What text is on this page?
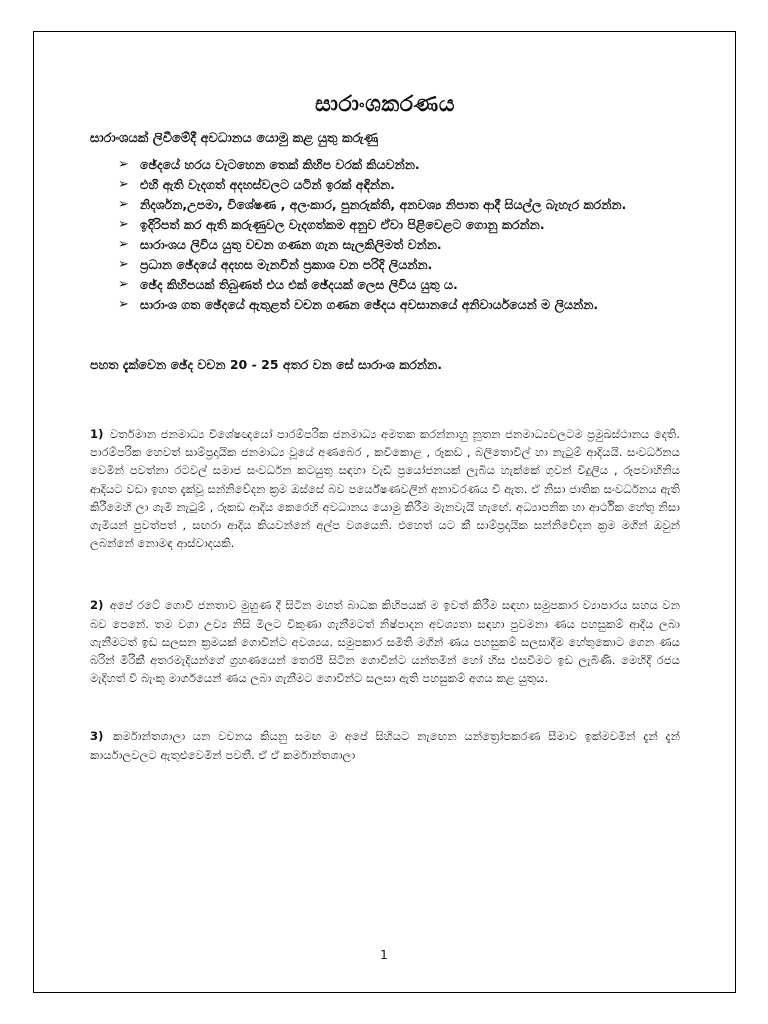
සාරාංශකරණය
සාරාංශයක් ලිවීමේදී අවධානය යොමු කළ යුතු කරුණු
➢ ඡේදයේ හරය වැටහෙන තෙක් කිහිප වරක් කියවන්න.
➢ එහි ඇති වැදගත් අදහස්වලට යටින් ඉරක් අඳින්න.
➢ නිදර්ශන,උපමා, විශේෂණ , අලංකාර, පුනරුක්ති, අනවශ්‍ය නිපාත ආදී සියල්ල බැහැර කරන්න.
➢ ඉදිරිපත් කර ඇති කරුණුවල වැදගත්කම අනුව ඒවා පිළිවෙළට ගොනු කරන්න.
➢ සාරාංශය ලිවිය යුතු වචන ගණන ගැන සැලකිලිමත් වන්න.
➢ ප්‍රධාන ඡේදයේ අදහස මැනවින් ප්‍රකාශ වන පරිදි ලියන්න.
➢ ඡේද කිහිපයක් තිබුණත් එය එක් ඡේදයක් ලෙස ලිවිය යුතු ය.
➢ සාරාංශ ගත ඡේදයේ ඇතුළත් වචන ගණන ඡේදය අවසානයේ අනිවාර්යයෙන් ම ලියන්න.
පහත දැක්වෙන ඡේද වචන 20 - 25 අතර වන සේ සාරාංශ කරන්න.

1) වර්තමාන ජනමාධ්‍ය විශේෂඥයෝ පාරම්පරික ජනමාධ්‍ය අමතක කරන්නාහු නූතන ජනමාධ්‍යවලටම ප්‍රමුඛස්ථානය දෙති. පාරම්පරික හෙවත් සාම්ප්‍රදායික ජනමාධ්‍ය වූයේ අණබෙර , කවිකොළ , රූකඩ , බලිතොවිල් හා නැටුම් ආදියයි. සංවර්ධනය වෙමින් පවත්නා රටවල් සමාජ සංවර්ධන කටයුතු සඳහා වැඩි ප්‍රයෝජනයක් ලැබිය හැක්කේ ගුවන් විදුලිය , රූපවාහිනිය ආදියට වඩා ඉහත දැක්වූ සන්නිවේදන ක්‍රම ඔස්සේ බව පර්යේෂණවලින් අනාවරණය වී ඇත. ඒ නිසා ජාතික සංවර්ධනය ඇති කිරීමෙහි ලා ගැමි නැටුම් , රූකඩ ආදිය කෙරෙහි අවධානය යොමු කිරීම මැනවැයි හැඟේ. අධ්‍යාපනික හා ආර්ථික හේතු නිසා ගැමියන් පුවත්පත් , සඟරා ආදිය කියවන්නේ අල්ප වශයෙනි. එහෙත් යට කී සාම්ප්‍රදායික සන්නිවේදන ක්‍රම මගින් ඔවුන් ලබන්නේ නොමඳ ආස්වාදයකි.

2) අපේ රටේ ගොවි ජනතාව මුහුණ දී සිටින මහත් බාධක කිහිපයක් ම ඉවත් කිරීම සඳහා සමුපකාර ව්‍යාපාරය සහය වන බව පෙනේ. තම වගා උව්‍ය නිසි මිලට විකුණා ගැනීමටත් නිෂ්පාදන අවශ්‍යතා සඳහා පුවමනා ණය පහසුකම් ආදිය ලබා ගැනීමටත් ඉඩ සලසන ක්‍රමයක් ගොවීන්ට අවශ්‍යය. සමුපකාර සමිති මගින් ණය පහසුකම් සලසාදීම හේතුකොට ගෙන ණය බරින් මිරිකී අතරමැදියන්ගේ ග්‍රහණයෙන් තෙරපී සිටින ගොවීන්ට යන්තමින් හෝ හිස එසවීමට ඉඩ ලැබිණි. මෙහිදී රජය මැදිහත් වී බැංකු මාර්ගයෙන් ණය ලබා ගැනීමට ගොවීන්ට සලසා ඇති පහසුකම් අගය කළ යුතුය.

3) කර්මාන්තශාලා යන වචනය කියනු සමඟ ම අපේ සිහියට නැඟෙන යන්ත්‍රෝපකරණ සීමාව ඉක්මවමින් දැන් දැන් කාර්යාලවලට ඇතුළුවෙමින් පවතී. ඒ ඒ කර්මාන්තශාලා

1
